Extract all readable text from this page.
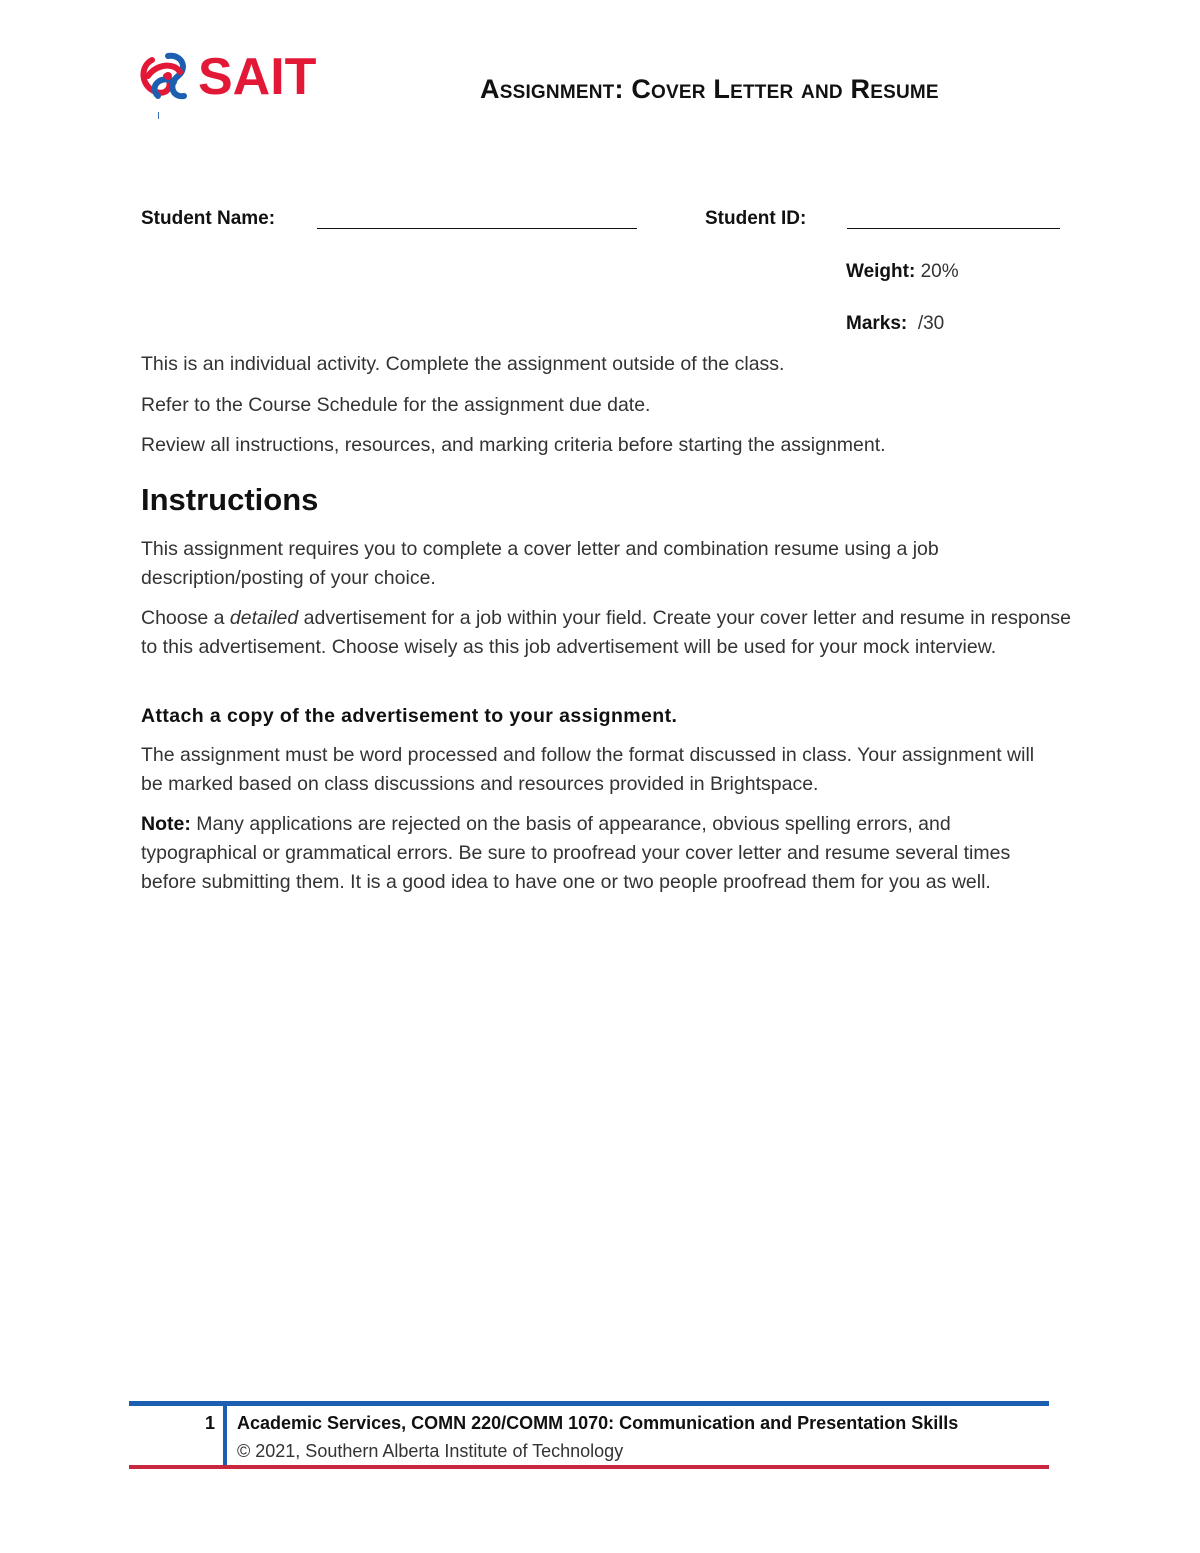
SAIT	Assignment: Cover Letter and Resume
Student Name:	Student ID:
Weight: 20%
Marks: /30
This is an individual activity. Complete the assignment outside of the class.
Refer to the Course Schedule for the assignment due date.
Review all instructions, resources, and marking criteria before starting the assignment.
Instructions
This assignment requires you to complete a cover letter and combination resume using a job description/posting of your choice.
Choose a detailed advertisement for a job within your field. Create your cover letter and resume in response to this advertisement. Choose wisely as this job advertisement will be used for your mock interview.
Attach a copy of the advertisement to your assignment.
The assignment must be word processed and follow the format discussed in class. Your assignment will be marked based on class discussions and resources provided in Brightspace.
Note: Many applications are rejected on the basis of appearance, obvious spelling errors, and typographical or grammatical errors. Be sure to proofread your cover letter and resume several times before submitting them. It is a good idea to have one or two people proofread them for you as well.
1 Academic Services, COMN 220/COMM 1070: Communication and Presentation Skills
© 2021, Southern Alberta Institute of Technology
